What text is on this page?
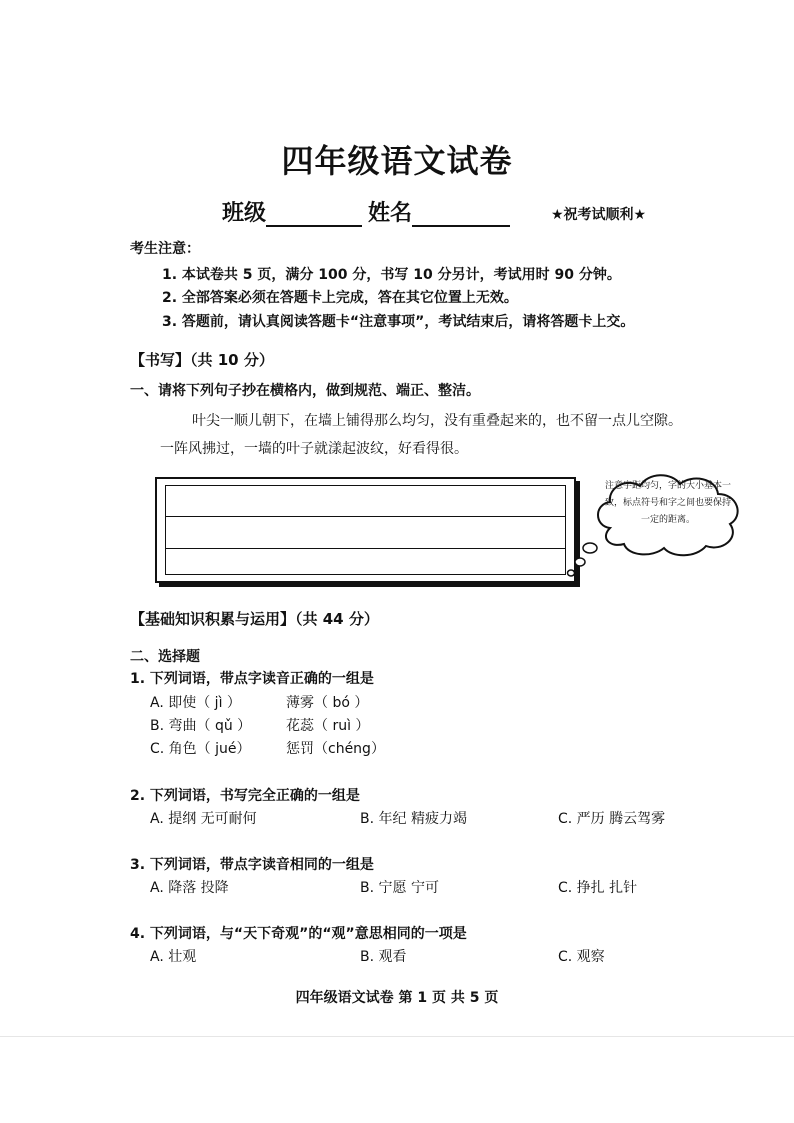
四年级语文试卷
班级	姓名	★祝考试顺利★
考生注意：
1. 本试卷共 5 页，满分 100 分，书写 10 分另计，考试用时 90 分钟。
2. 全部答案必须在答题卡上完成，答在其它位置上无效。
3. 答题前，请认真阅读答题卡“注意事项”，考试结束后，请将答题卡上交。
【书写】（共 10 分）
一、请将下列句子抄在横格内，做到规范、端正、整洁。
叶尖一顺儿朝下，在墙上铺得那么均匀，没有重叠起来的，也不留一点儿空隙。
一阵风拂过，一墙的叶子就漾起波纹，好看得很。
注意字距均匀，字的大小基本一致，标点符号和字之间也要保持一定的距离。
【基础知识积累与运用】（共 44 分）
二、选择题
1. 下列词语，带点字读音正确的一组是
A. 即使（ jì ）	薄雾（ bó ）
B. 弯曲（ qǔ ） 花蕊（ ruì ）
C. 角色（ jué）	惩罚（chéng）
2. 下列词语，书写完全正确的一组是
A. 提纲 无可耐何	B. 年纪 精疲力竭	C. 严历 腾云驾雾
3. 下列词语，带点字读音相同的一组是
A. 降落 投降	B. 宁愿 宁可	C. 挣扎 扎针
4. 下列词语，与“天下奇观”的“观”意思相同的一项是
A. 壮观	B. 观看	C. 观察
四年级语文试卷 第 1 页 共 5 页
